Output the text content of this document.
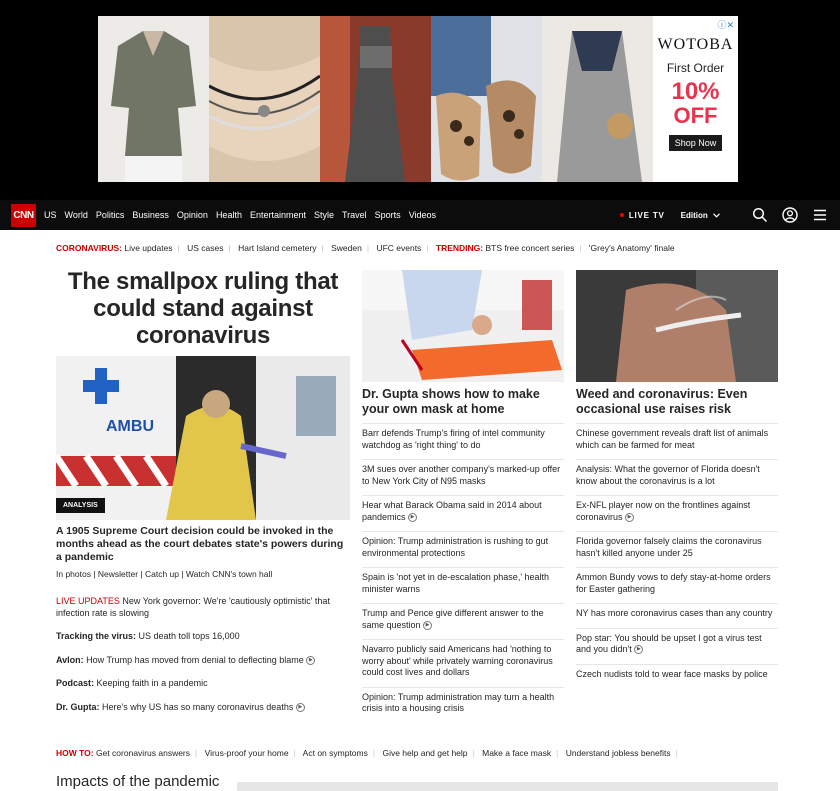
ⓘ✕
WOTOBA
First Order
10%
OFF
Shop Now
CNN US World Politics Business Opinion Health Entertainment Style Travel Sports Videos	LIVE TV Edition
CORONAVIRUS: Live updates | US cases | Hart Island cemetery | Sweden | UFC events | TRENDING: BTS free concert series | 'Grey's Anatomy' finale
The smallpox ruling that could stand against coronavirus
AMBU
ANALYSIS
A 1905 Supreme Court decision could be invoked in the months ahead as the court debates state's powers during a pandemic
In photos | Newsletter | Catch up | Watch CNN's town hall
LIVE UPDATES New York governor: We're 'cautiously optimistic' that infection rate is slowing
Tracking the virus: US death toll tops 16,000
Avlon: How Trump has moved from denial to deflecting blame ▶
Podcast: Keeping faith in a pandemic
Dr. Gupta: Here's why US has so many coronavirus deaths ▶
Dr. Gupta shows how to make your own mask at home
Barr defends Trump's firing of intel community watchdog as 'right thing' to do
3M sues over another company's marked-up offer to New York City of N95 masks
Hear what Barack Obama said in 2014 about pandemics ▶
Opinion: Trump administration is rushing to gut environmental protections
Spain is 'not yet in de-escalation phase,' health minister warns
Trump and Pence give different answer to the same question ▶
Navarro publicly said Americans had 'nothing to worry about' while privately warning coronavirus could cost lives and dollars
Opinion: Trump administration may turn a health crisis into a housing crisis
Weed and coronavirus: Even occasional use raises risk
Chinese government reveals draft list of animals which can be farmed for meat
Analysis: What the governor of Florida doesn't know about the coronavirus is a lot
Ex-NFL player now on the frontlines against coronavirus ▶
Florida governor falsely claims the coronavirus hasn't killed anyone under 25
Ammon Bundy vows to defy stay-at-home orders for Easter gathering
NY has more coronavirus cases than any country
Pop star: You should be upset I got a virus test and you didn't ▶
Czech nudists told to wear face masks by police
HOW TO: Get coronavirus answers | Virus-proof your home | Act on symptoms | Give help and get help | Make a face mask | Understand jobless benefits |
Impacts of the pandemic
